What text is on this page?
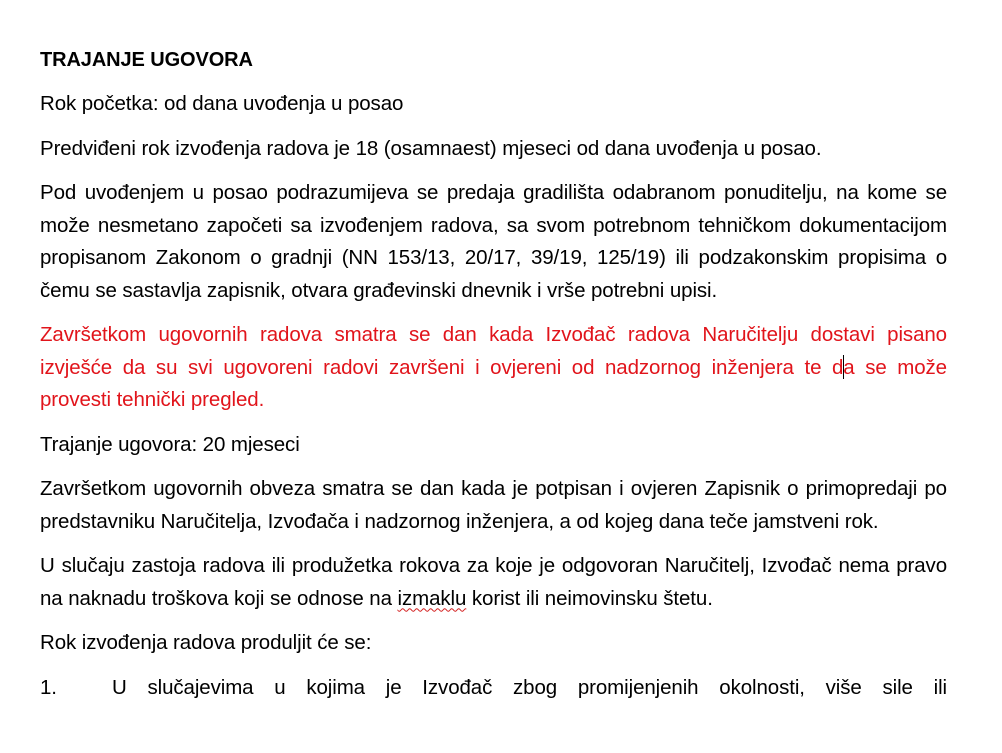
TRAJANJE UGOVORA

Rok početka: od dana uvođenja u posao

Predviđeni rok izvođenja radova je 18 (osamnaest) mjeseci od dana uvođenja u posao.

Pod uvođenjem u posao podrazumijeva se predaja gradilišta odabranom ponuditelju, na kome se može nesmetano započeti sa izvođenjem radova, sa svom potrebnom tehničkom dokumentacijom propisanom Zakonom o gradnji (NN 153/13, 20/17, 39/19, 125/19) ili podzakonskim propisima o čemu se sastavlja zapisnik, otvara građevinski dnevnik i vrše potrebni upisi.

Završetkom ugovornih radova smatra se dan kada Izvođač radova Naručitelju dostavi pisano izvješće da su svi ugovoreni radovi završeni i ovjereni od nadzornog inženjera te da se može provesti tehnički pregled.

Trajanje ugovora: 20 mjeseci

Završetkom ugovornih obveza smatra se dan kada je potpisan i ovjeren Zapisnik o primopredaji po predstavniku Naručitelja, Izvođača i nadzornog inženjera, a od kojeg dana teče jamstveni rok.

U slučaju zastoja radova ili produžetka rokova za koje je odgovoran Naručitelj, Izvođač nema pravo na naknadu troškova koji se odnose na izmaklu korist ili neimovinsku štetu.

Rok izvođenja radova produljit će se:

1.	U slučajevima u kojima je Izvođač zbog promijenjenih okolnosti, više sile ili
